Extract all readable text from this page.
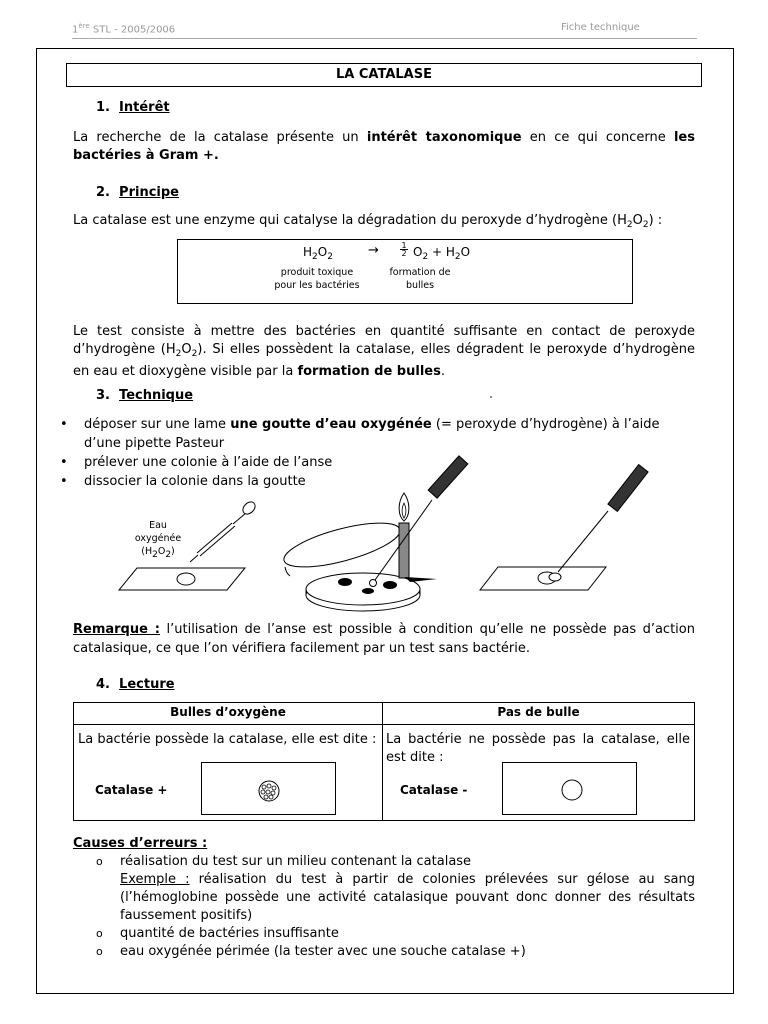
1ère STL - 2005/2006	Fiche technique
LA CATALASE
1. Intérêt
La recherche de la catalase présente un intérêt taxonomique en ce qui concerne les bactéries à Gram +.
2. Principe
La catalase est une enzyme qui catalyse la dégradation du peroxyde d’hydrogène $(H_2O_2)$ :
$H_2O_2$	→	1
2 $O_2 + H_2O$
produit toxique
pour les bactéries
formation de
bulles
Le test consiste à mettre des bactéries en quantité suffisante en contact de peroxyde d’hydrogène $(H_2O_2)$. Si elles possèdent la catalase, elles dégradent le peroxyde d’hydrogène en eau et dioxygène visible par la formation de bulles.
3. Technique
• déposer sur une lame une goutte d’eau oxygénée (= peroxyde d’hydrogène) à l’aide d’une pipette Pasteur
• prélever une colonie à l’aide de l’anse
• dissocier la colonie dans la goutte
Eau
oxygénée
(H2O2)
Remarque : l’utilisation de l’anse est possible à condition qu’elle ne possède pas d’action catalasique, ce que l’on vérifiera facilement par un test sans bactérie.
4. Lecture
Bulles d’oxygène	Pas de bulle
La bactérie possède la catalase, elle est dite : La bactérie ne possède pas la catalase, elle est dite :
Catalase +	Catalase -
Causes d’erreurs :
o réalisation du test sur un milieu contenant la catalase
Exemple : réalisation du test à partir de colonies prélevées sur gélose au sang (l’hémoglobine possède une activité catalasique pouvant donc donner des résultats faussement positifs)
o quantité de bactéries insuffisante
o eau oxygénée périmée (la tester avec une souche catalase +)
